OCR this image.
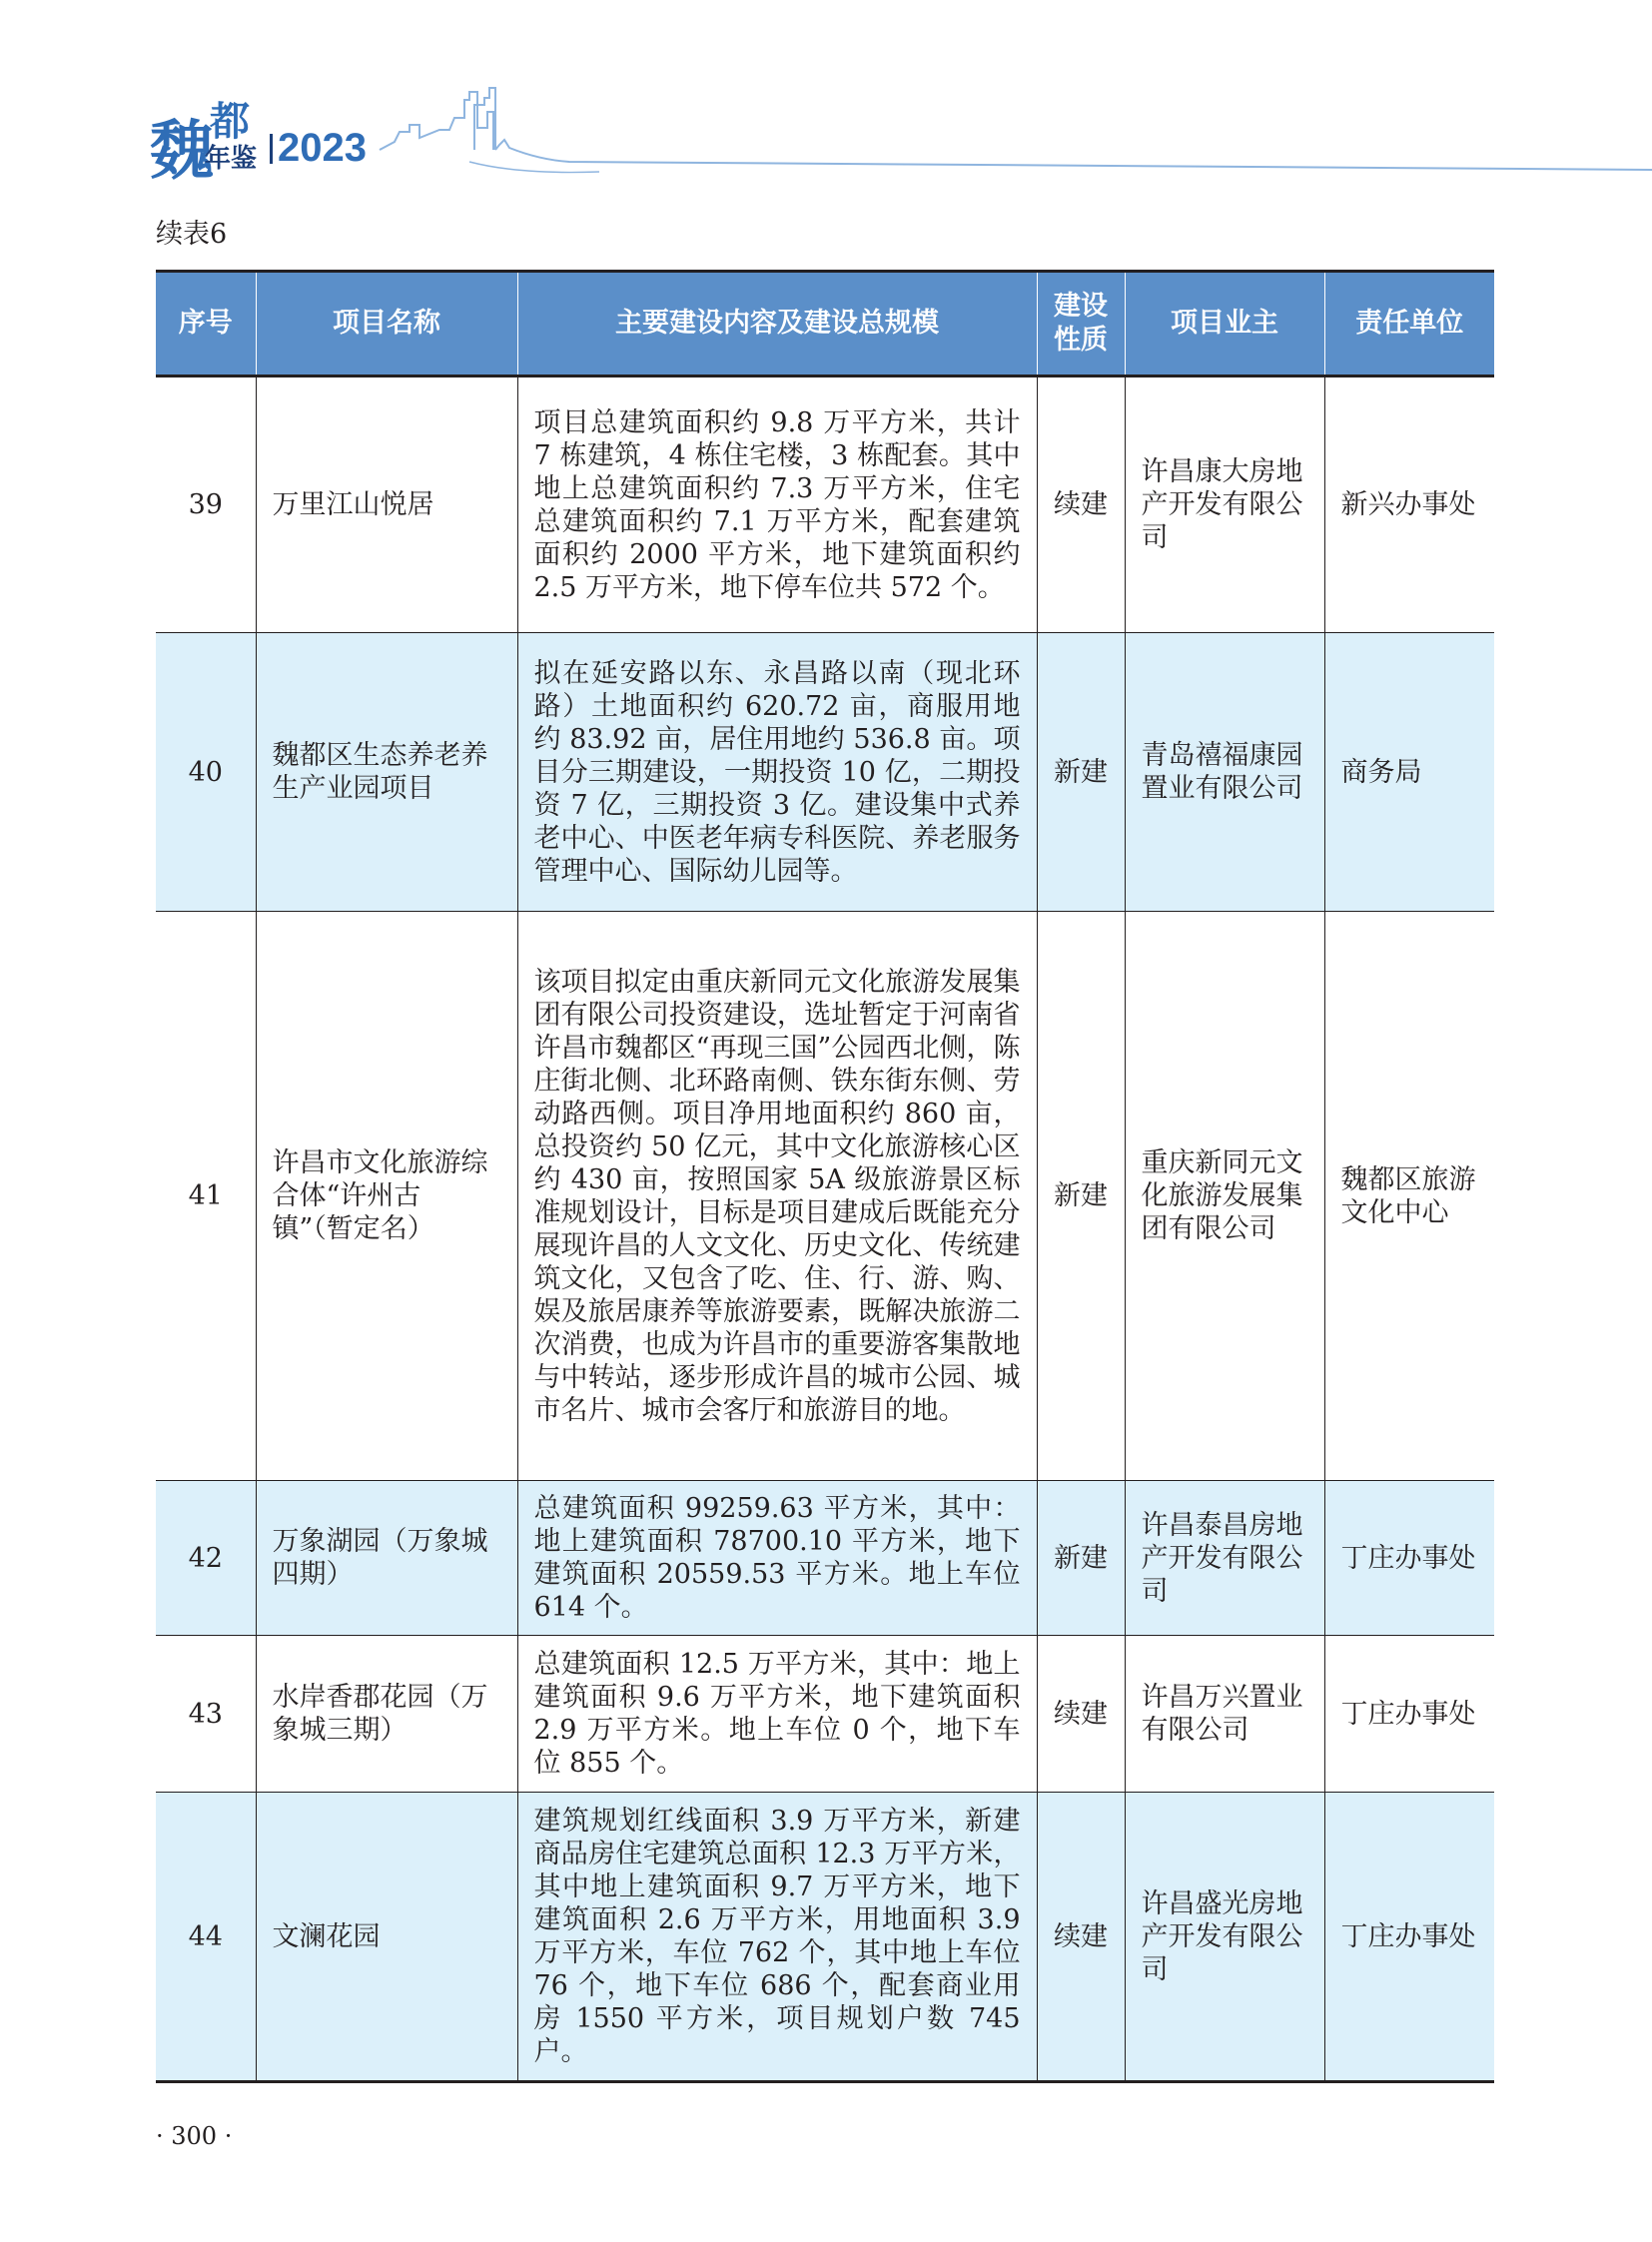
魏
都
年鉴 2023
续表6
序号	项目名称	主要建设内容及建设总规模	建设性质	项目业主	责任单位
39	万里江山悦居	项目总建筑面积约 9.8 万平方米，共计 7 栋建筑，4 栋住宅楼，3 栋配套。其中地上总建筑面积约 7.3 万平方米，住宅总建筑面积约 7.1 万平方米，配套建筑面积约 2000 平方米，地下建筑面积约 2.5 万平方米，地下停车位共 572 个。	续建	许昌康大房地产开发有限公司	新兴办事处
40	魏都区生态养老养生产业园项目	拟在延安路以东、永昌路以南（现北环路）土地面积约 620.72 亩，商服用地约 83.92 亩，居住用地约 536.8 亩。项目分三期建设，一期投资 10 亿，二期投资 7 亿，三期投资 3 亿。建设集中式养老中心、中医老年病专科医院、养老服务管理中心、国际幼儿园等。	新建	青岛禧福康园置业有限公司	商务局
41	许昌市文化旅游综合体“许州古镇”（暂定名）	该项目拟定由重庆新同元文化旅游发展集团有限公司投资建设，选址暂定于河南省许昌市魏都区“再现三国”公园西北侧，陈庄街北侧、北环路南侧、铁东街东侧、劳动路西侧。项目净用地面积约 860 亩，总投资约 50 亿元，其中文化旅游核心区约 430 亩，按照国家 5A 级旅游景区标准规划设计，目标是项目建成后既能充分展现许昌的人文文化、历史文化、传统建筑文化，又包含了吃、住、行、游、购、娱及旅居康养等旅游要素，既解决旅游二次消费，也成为许昌市的重要游客集散地与中转站，逐步形成许昌的城市公园、城市名片、城市会客厅和旅游目的地。	新建	重庆新同元文化旅游发展集团有限公司	魏都区旅游文化中心
42	万象湖园（万象城四期）	总建筑面积 99259.63 平方米，其中：地上建筑面积 78700.10 平方米，地下建筑面积 20559.53 平方米。地上车位 614 个。	新建	许昌泰昌房地产开发有限公司	丁庄办事处
43	水岸香郡花园（万象城三期）	总建筑面积 12.5 万平方米，其中：地上建筑面积 9.6 万平方米，地下建筑面积 2.9 万平方米。地上车位 0 个，地下车位 855 个。	续建	许昌万兴置业有限公司	丁庄办事处
44	文澜花园	建筑规划红线面积 3.9 万平方米，新建商品房住宅建筑总面积 12.3 万平方米，其中地上建筑面积 9.7 万平方米，地下建筑面积 2.6 万平方米，用地面积 3.9 万平方米，车位 762 个，其中地上车位 76 个，地下车位 686 个，配套商业用房 1550 平方米，项目规划户数 745 户。	续建	许昌盛光房地产开发有限公司	丁庄办事处
· 300 ·
